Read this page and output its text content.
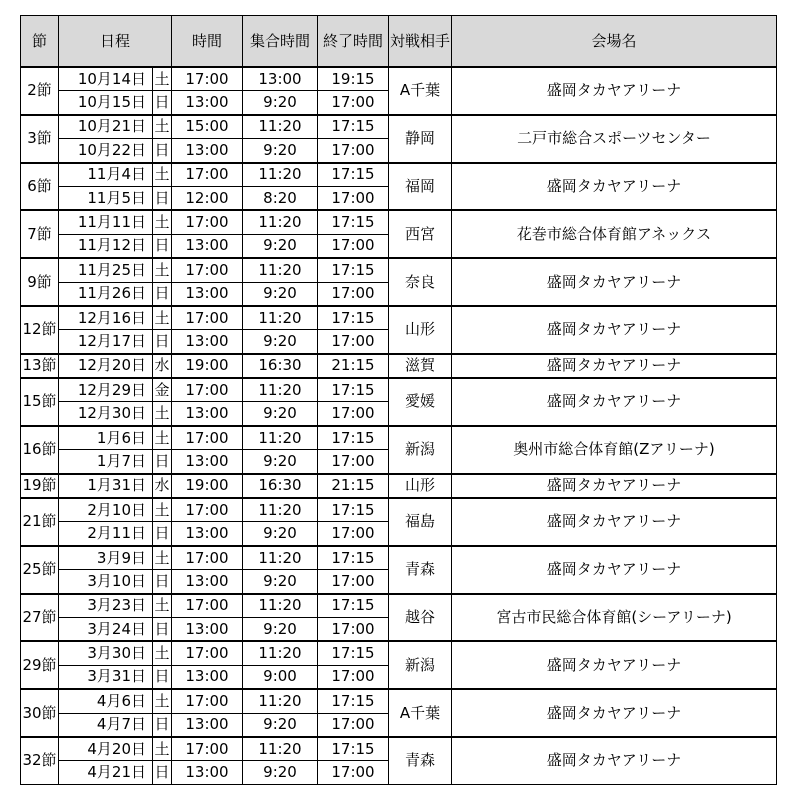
節	日程		時間	集合時間	終了時間	対戦相手	会場名
2節	10月14日	土	17:00	13:00	19:15	A千葉	盛岡タカヤアリーナ
	10月15日	日	13:00	9:20	17:00		
3節	10月21日	土	15:00	11:20	17:15	静岡	二戸市総合スポーツセンター
	10月22日	日	13:00	9:20	17:00		
6節	11月4日	土	17:00	11:20	17:15	福岡	盛岡タカヤアリーナ
	11月5日	日	12:00	8:20	17:00		
7節	11月11日	土	17:00	11:20	17:15	西宮	花巻市総合体育館アネックス
	11月12日	日	13:00	9:20	17:00		
9節	11月25日	土	17:00	11:20	17:15	奈良	盛岡タカヤアリーナ
	11月26日	日	13:00	9:20	17:00		
12節	12月16日	土	17:00	11:20	17:15	山形	盛岡タカヤアリーナ
	12月17日	日	13:00	9:20	17:00		
13節	12月20日	水	19:00	16:30	21:15	滋賀	盛岡タカヤアリーナ
15節	12月29日	金	17:00	11:20	17:15	愛媛	盛岡タカヤアリーナ
	12月30日	土	13:00	9:20	17:00		
16節	1月6日	土	17:00	11:20	17:15	新潟	奥州市総合体育館(Zアリーナ)
	1月7日	日	13:00	9:20	17:00		
19節	1月31日	水	19:00	16:30	21:15	山形	盛岡タカヤアリーナ
21節	2月10日	土	17:00	11:20	17:15	福島	盛岡タカヤアリーナ
	2月11日	日	13:00	9:20	17:00		
25節	3月9日	土	17:00	11:20	17:15	青森	盛岡タカヤアリーナ
	3月10日	日	13:00	9:20	17:00		
27節	3月23日	土	17:00	11:20	17:15	越谷	宮古市民総合体育館(シーアリーナ)
	3月24日	日	13:00	9:20	17:00		
29節	3月30日	土	17:00	11:20	17:15	新潟	盛岡タカヤアリーナ
	3月31日	日	13:00	9:00	17:00		
30節	4月6日	土	17:00	11:20	17:15	A千葉	盛岡タカヤアリーナ
	4月7日	日	13:00	9:20	17:00		
32節	4月20日	土	17:00	11:20	17:15	青森	盛岡タカヤアリーナ
	4月21日	日	13:00	9:20	17:00		
